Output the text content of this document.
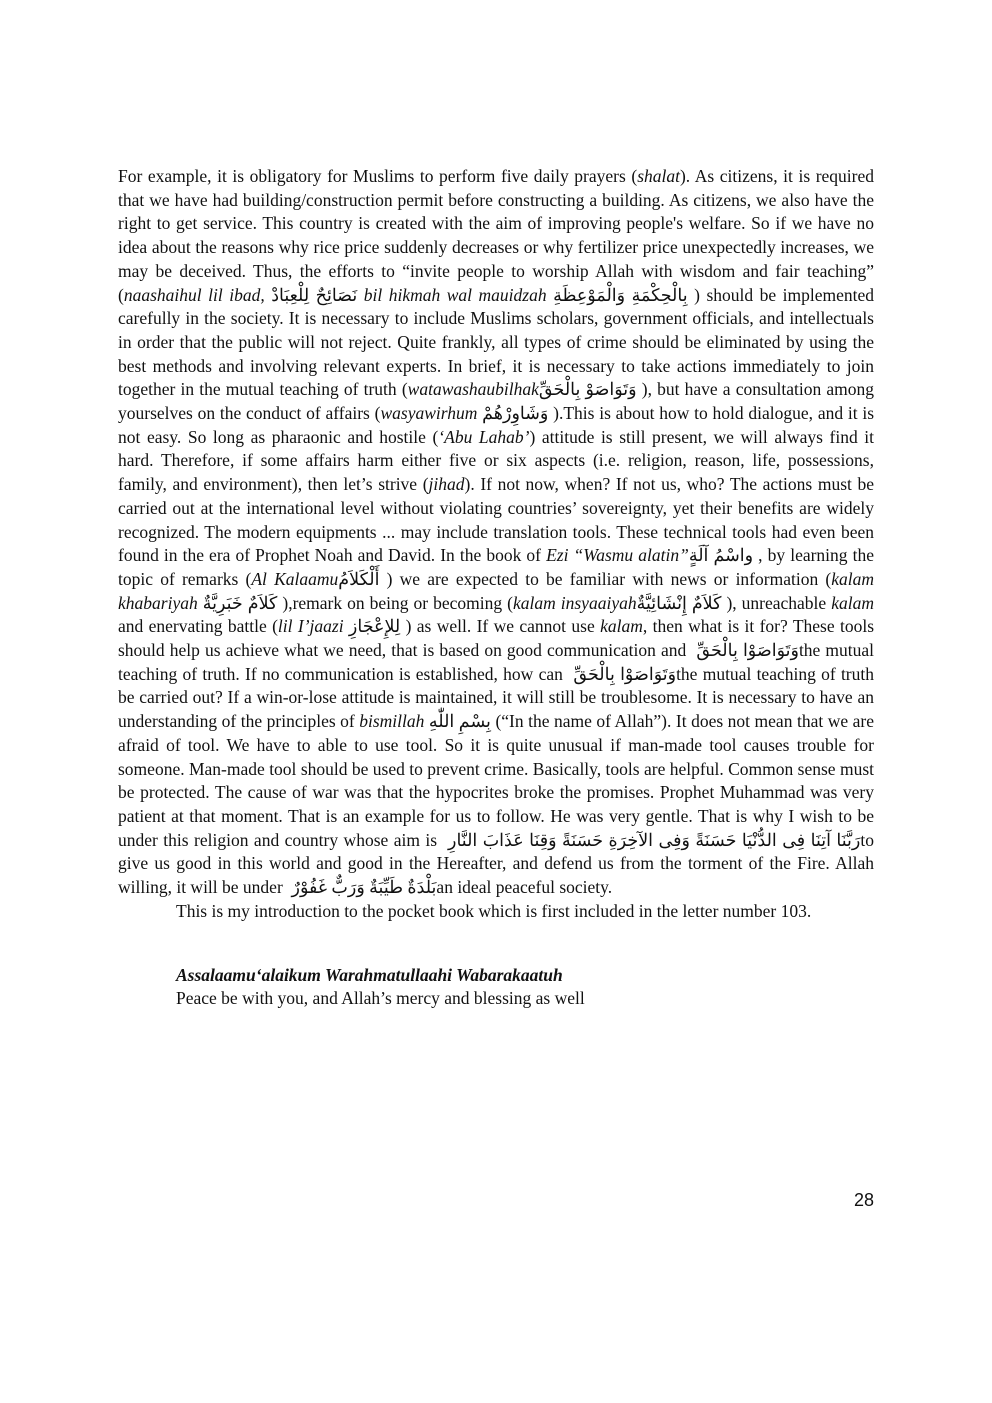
For example, it is obligatory for Muslims to perform five daily prayers (shalat). As citizens, it is required that we have had building/construction permit before constructing a building. As citizens, we also have the right to get service. This country is created with the aim of improving people's welfare. So if we have no idea about the reasons why rice price suddenly decreases or why fertilizer price unexpectedly increases, we may be deceived. Thus, the efforts to “invite people to worship Allah with wisdom and fair teaching” (naashaihul lil ibad, نَصَائِحٌ لِلْعِبَادْ bil hikmah wal mauidzah بِالْحِكْمَةِ وَالْمَوْعِظَةِ ) should be implemented carefully in the society. It is necessary to include Muslims scholars, government officials, and intellectuals in order that the public will not reject. Quite frankly, all types of crime should be eliminated by using the best methods and involving relevant experts. In brief, it is necessary to take actions immediately to join together in the mutual teaching of truth (watawashaubilhak وَتَوَاصَوْ بِالْحَقِّ), but have a consultation among yourselves on the conduct of affairs (wasyawirhum وَشَاوِرْهُمْ ).This is about how to hold dialogue, and it is not easy. So long as pharaonic and hostile (‘Abu Lahab’) attitude is still present, we will always find it hard. Therefore, if some affairs harm either five or six aspects (i.e. religion, reason, life, possessions, family, and environment), then let’s strive (jihad). If not now, when? If not us, who? The actions must be carried out at the international level without violating countries’ sovereignty, yet their benefits are widely recognized. The modern equipments ... may include translation tools. These technical tools had even been found in the era of Prophet Noah and David. In the book of Ezi “Wasmu alatin” واسْمُ آلَةٍ, by learning the topic of remarks (Al Kalaamu أَلْكَلاَمُ) we are expected to be familiar with news or information (kalam khabariyah كَلاَمٌ خَبَرِيَّةٌ ),remark on being or becoming (kalam insyaaiyah كَلاَمٌ إِنْشَائِيَّةٌ), unreachable kalam and enervating battle (lil I’jaazi لِلإِعْجَازِ ) as well. If we cannot use kalam, then what is it for? These tools should help us achieve what we need, that is based on good communication and وَتَوَاصَوْا بِالْحَقِّ the mutual teaching of truth. If no communication is established, how can وَتَوَاصَوْا بِالْحَقِّ the mutual teaching of truth be carried out? If a win-or-lose attitude is maintained, it will still be troublesome. It is necessary to have an understanding of the principles of bismillah بِسْمِ اللّٰهِ (“In the name of Allah”). It does not mean that we are afraid of tool. We have to able to use tool. So it is quite unusual if man-made tool causes trouble for someone. Man-made tool should be used to prevent crime. Basically, tools are helpful. Common sense must be protected. The cause of war was that the hypocrites broke the promises. Prophet Muhammad was very patient at that moment. That is an example for us to follow. He was very gentle. That is why I wish to be under this religion and country whose aim is رَبَّنَا آتِنَا فِى الدُّنْيَا حَسَنَةً وَفِى الآخِرَةِ حَسَنَةً وَقِنَا عَذَابَ النَّارِ to give us good in this world and good in the Hereafter, and defend us from the torment of the Fire. Allah willing, it will be under بَلْدَةٌ طَيِّبَةٌ وَرَبٌّ غَفُوْرٌ an ideal peaceful society.

This is my introduction to the pocket book which is first included in the letter number 103.

Assalaamu‘alaikum Warahmatullaahi Wabarakaatuh
Peace be with you, and Allah’s mercy and blessing as well
28
